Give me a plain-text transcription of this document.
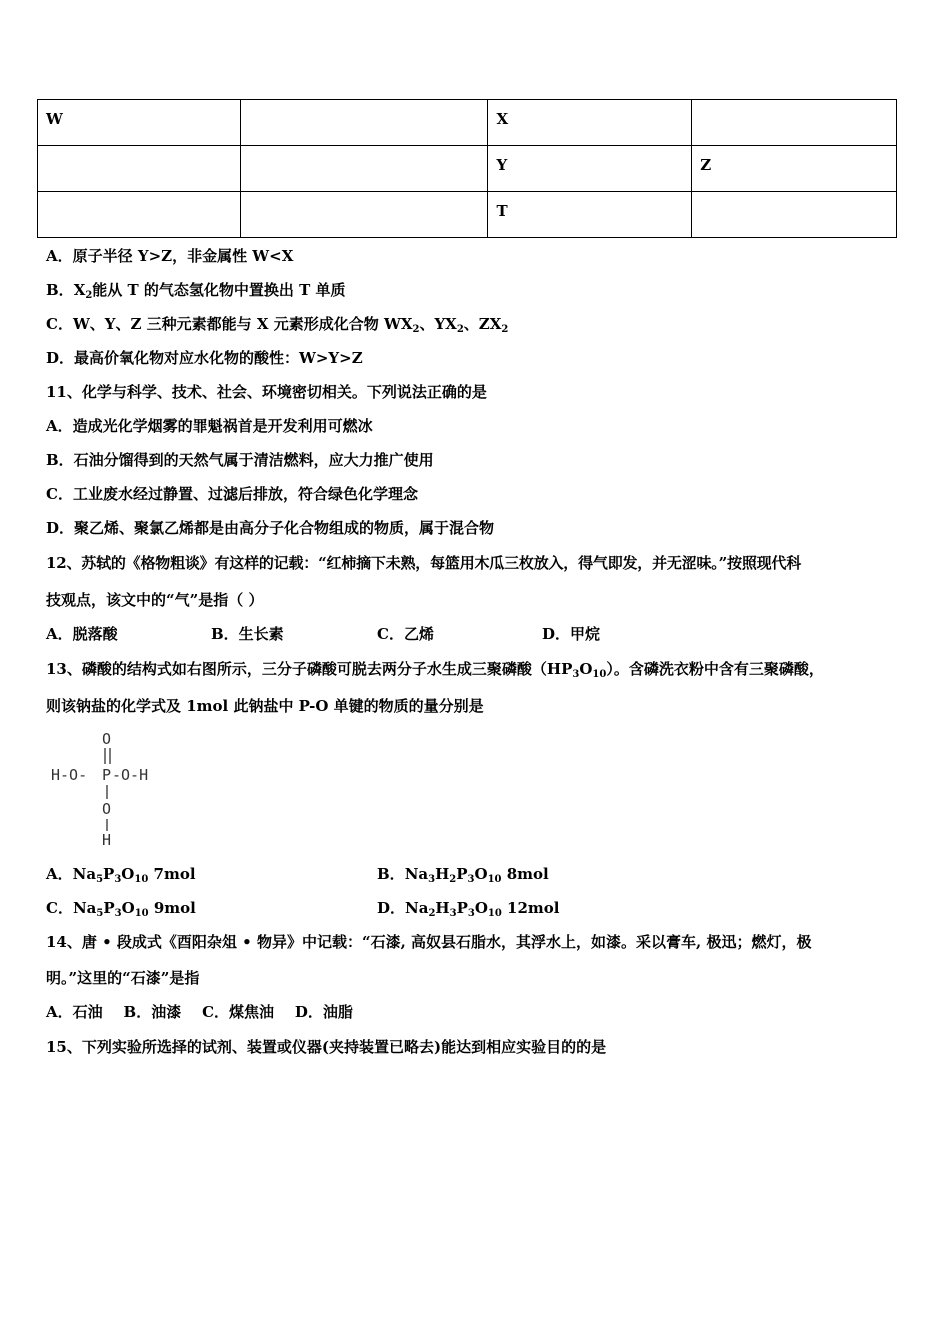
W		X	
		Y	Z
		T	
A．原子半径 Y>Z，非金属性 W<X
B．$X_2$能从 T 的气态氢化物中置换出 T 单质
C．W、Y、Z 三种元素都能与 X 元素形成化合物 $WX_2$、$YX_2$、$ZX_2$
D．最高价氧化物对应水化物的酸性：W>Y>Z
11、化学与科学、技术、社会、环境密切相关。下列说法正确的是
A．造成光化学烟雾的罪魁祸首是开发利用可燃冰
B．石油分馏得到的天然气属于清洁燃料，应大力推广使用
C．工业废水经过静置、过滤后排放，符合绿色化学理念
D．聚乙烯、聚氯乙烯都是由高分子化合物组成的物质，属于混合物
12、苏轼的《格物粗谈》有这样的记载：“红柿摘下未熟，每篮用木瓜三枚放入，得气即发，并无涩味。”按照现代科
技观点，该文中的“气”是指（ ）
A．脱落酸	B．生长素	C．乙烯	D．甲烷
13、磷酸的结构式如右图所示，三分子磷酸可脱去两分子水生成三聚磷酸$(HP_3O_{10})$。含磷洗衣粉中含有三聚磷酸，
则该钠盐的化学式及 1mol 此钠盐中 P-O 单键的物质的量分别是
O
H-O- P -O-H
O
H
A．$Na_5P_3O_{10}$ 7mol	B．$Na_3H_2P_3O_{10}$ 8mol
C．$Na_5P_3O_{10}$ 9mol	D．$Na_2H_3P_3O_{10}$ 12mol
14、唐 • 段成式《酉阳杂俎 • 物异》中记载：“石漆, 高奴县石脂水，其浮水上，如漆。采以膏车, 极迅；燃灯，极
明。”这里的“石漆”是指
A．石油    B．油漆    C．煤焦油    D．油脂
15、下列实验所选择的试剂、装置或仪器(夹持装置已略去)能达到相应实验目的的是
